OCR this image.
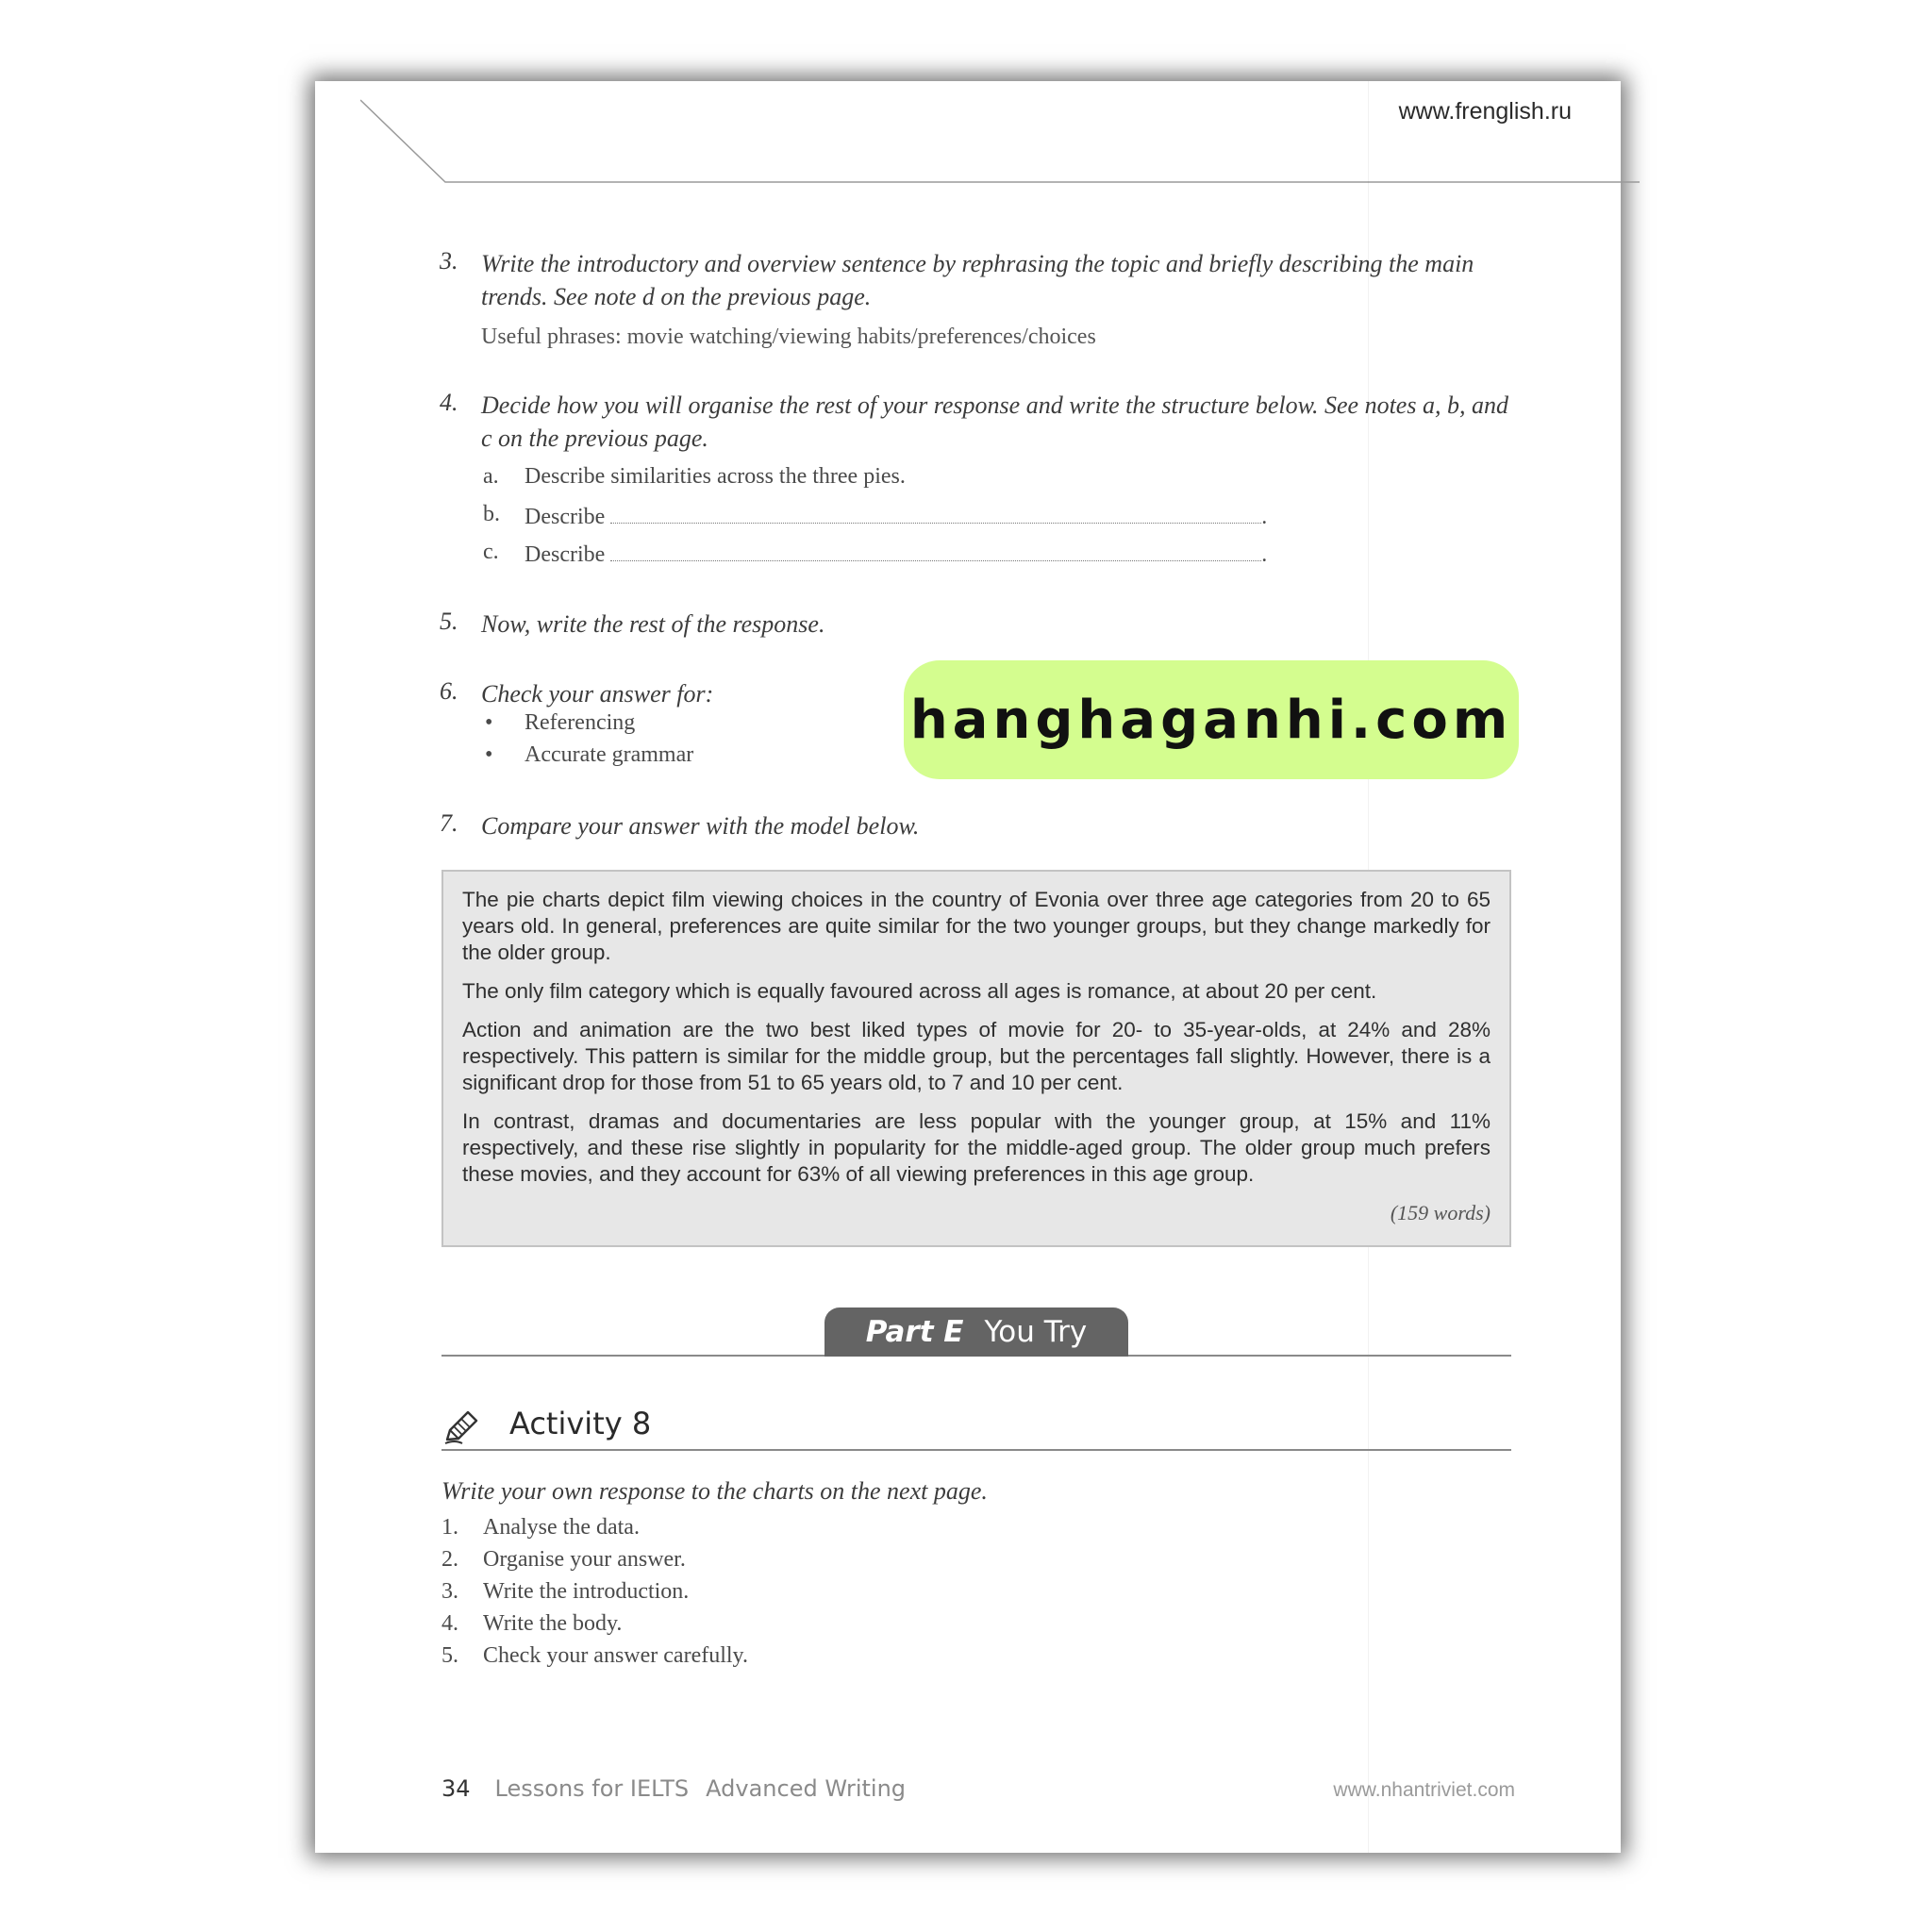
www.frenglish.ru
3. Write the introductory and overview sentence by rephrasing the topic and briefly describing the main trends. See note d on the previous page.
Useful phrases: movie watching/viewing habits/preferences/choices
4. Decide how you will organise the rest of your response and write the structure below. See notes a, b, and c on the previous page.
a.	Describe similarities across the three pies.
b.	Describe	.
c.	Describe	.
5. Now, write the rest of the response.
6. Check your answer for:
• Referencing
• Accurate grammar
7. Compare your answer with the model below.
hanghaganhi.com

The pie charts depict film viewing choices in the country of Evonia over three age categories from 20 to 65 years old. In general, preferences are quite similar for the two younger groups, but they change markedly for the older group.

The only film category which is equally favoured across all ages is romance, at about 20 per cent.

Action and animation are the two best liked types of movie for 20- to 35-year-olds, at 24% and 28% respectively. This pattern is similar for the middle group, but the percentages fall slightly. However, there is a significant drop for those from 51 to 65 years old, to 7 and 10 per cent.

In contrast, dramas and documentaries are less popular with the younger group, at 15% and 11% respectively, and these rise slightly in popularity for the middle-aged group. The older group much prefers these movies, and they account for 63% of all viewing preferences in this age group.

(159 words)
Part E You Try
Activity 8
Write your own response to the charts on the next page.
1.	Analyse the data.
2.	Organise your answer.
3.	Write the introduction.
4.	Write the body.
5.	Check your answer carefully.
34 Lessons for IELTS Advanced Writing	www.nhantriviet.com
